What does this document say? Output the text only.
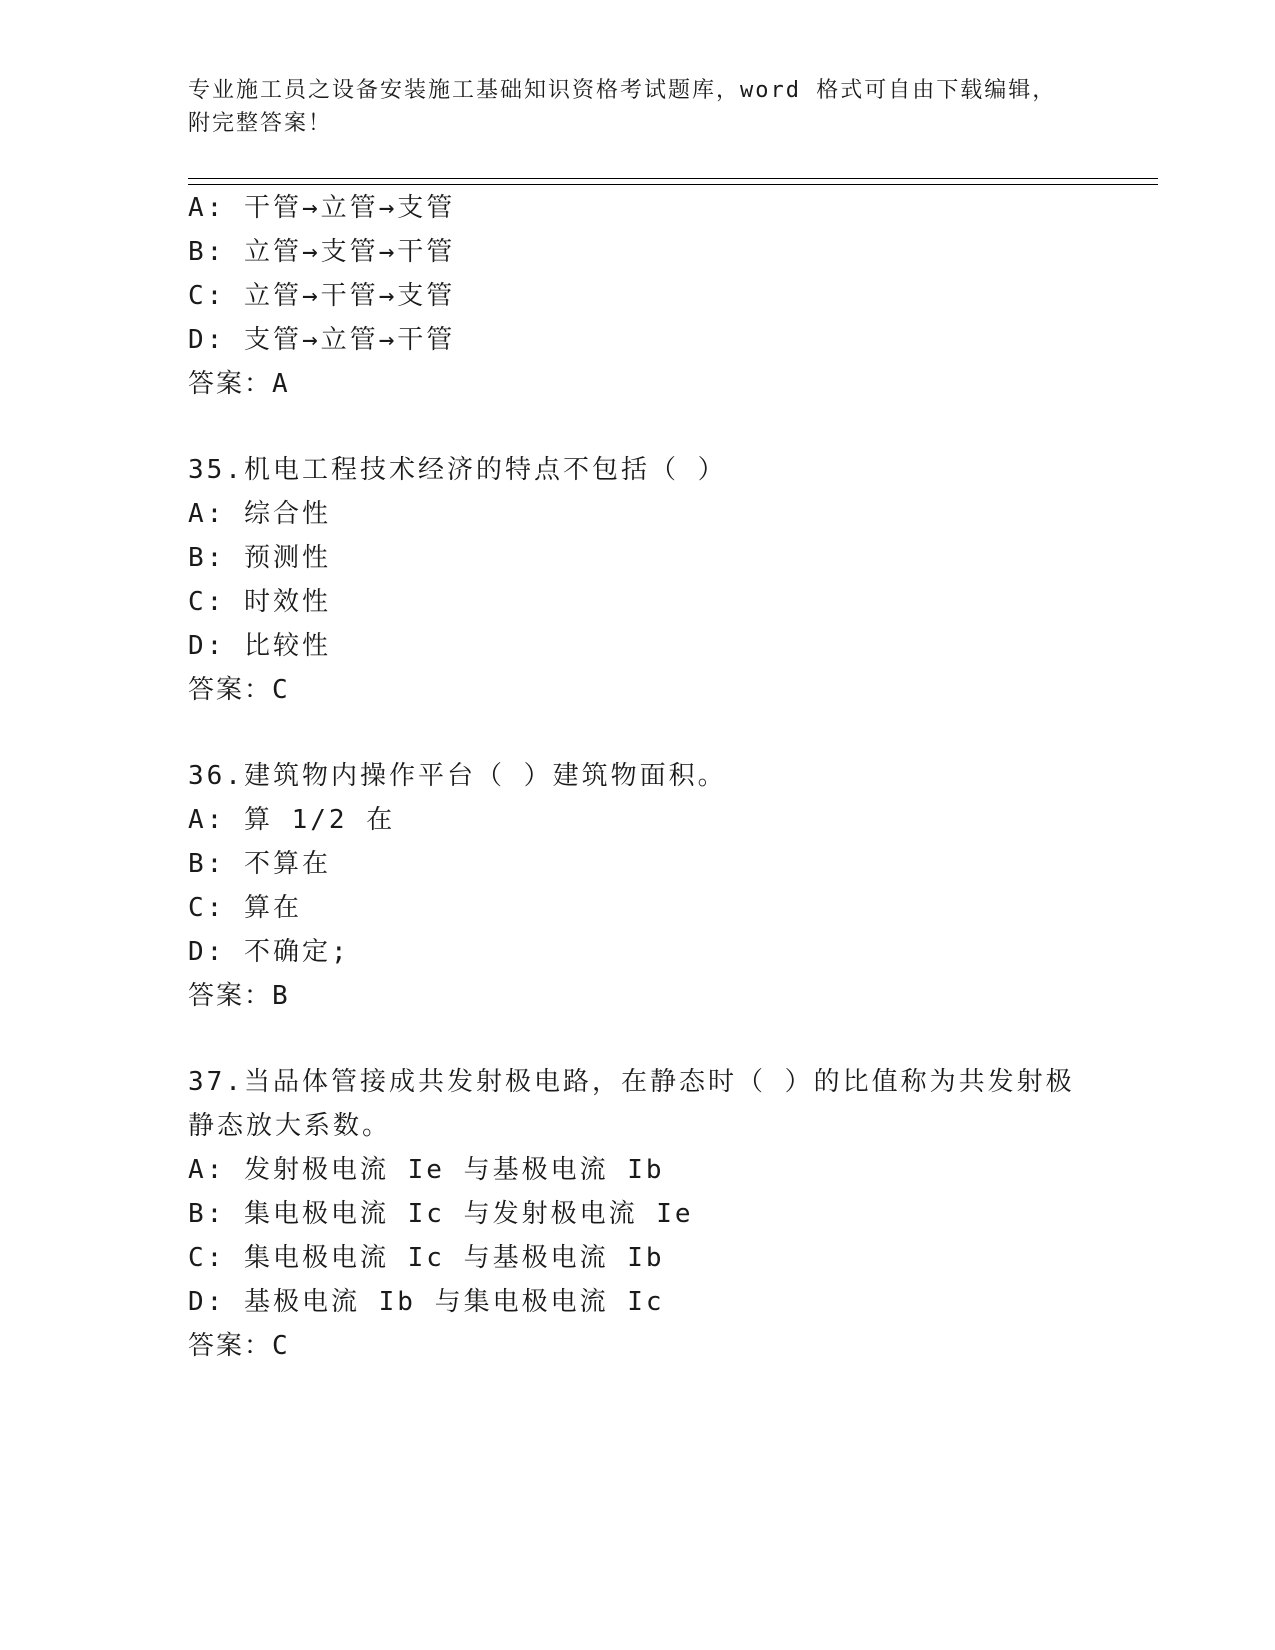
专业施工员之设备安装施工基础知识资格考试题库，word 格式可自由下载编辑，
附完整答案！
A: 干管→立管→支管
B: 立管→支管→干管
C: 立管→干管→支管
D: 支管→立管→干管
答案：A
35.机电工程技术经济的特点不包括（ ）
A: 综合性
B: 预测性
C: 时效性
D: 比较性
答案：C
36.建筑物内操作平台（ ）建筑物面积。
A: 算 1/2 在
B: 不算在
C: 算在
D: 不确定;
答案：B
37.当品体管接成共发射极电路，在静态时（ ）的比值称为共发射极
静态放大系数。
A: 发射极电流 Ie 与基极电流 Ib
B: 集电极电流 Ic 与发射极电流 Ie
C: 集电极电流 Ic 与基极电流 Ib
D: 基极电流 Ib 与集电极电流 Ic
答案：C
